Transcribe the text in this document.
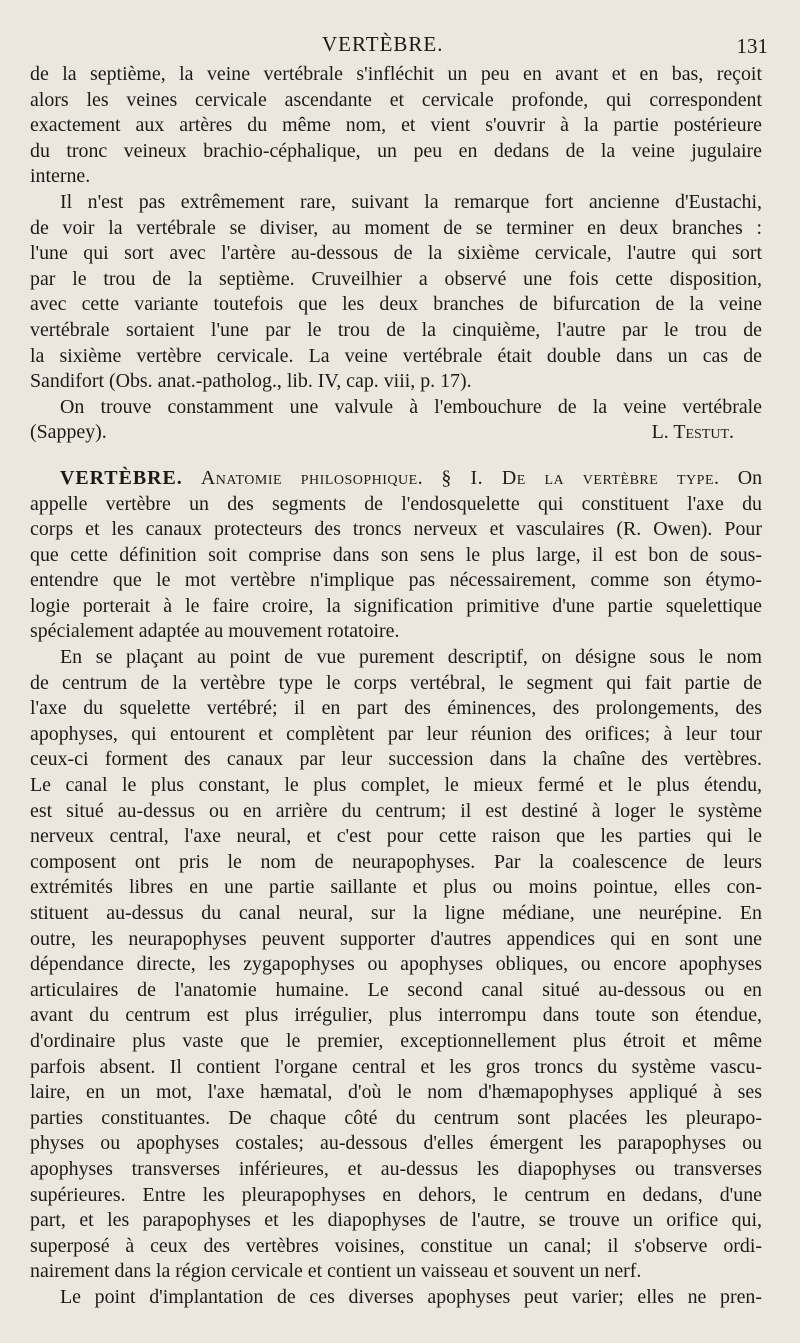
VERTÈBRE.	131
de la septième, la veine vertébrale s'infléchit un peu en avant et en bas, reçoit
alors les veines cervicale ascendante et cervicale profonde, qui correspondent
exactement aux artères du même nom, et vient s'ouvrir à la partie postérieure
du tronc veineux brachio-céphalique, un peu en dedans de la veine jugulaire
interne.
Il n'est pas extrêmement rare, suivant la remarque fort ancienne d'Eustachi,
de voir la vertébrale se diviser, au moment de se terminer en deux branches :
l'une qui sort avec l'artère au-dessous de la sixième cervicale, l'autre qui sort
par le trou de la septième. Cruveilhier a observé une fois cette disposition,
avec cette variante toutefois que les deux branches de bifurcation de la veine
vertébrale sortaient l'une par le trou de la cinquième, l'autre par le trou de
la sixième vertèbre cervicale. La veine vertébrale était double dans un cas de
Sandifort (Obs. anat.-patholog., lib. IV, cap. viii, p. 17).
On trouve constamment une valvule à l'embouchure de la veine vertébrale
(Sappey).	L. Testut.
VERTÈBRE. Anatomie philosophique. § I. De la vertèbre type. On
appelle vertèbre un des segments de l'endosquelette qui constituent l'axe du
corps et les canaux protecteurs des troncs nerveux et vasculaires (R. Owen). Pour
que cette définition soit comprise dans son sens le plus large, il est bon de sous-
entendre que le mot vertèbre n'implique pas nécessairement, comme son étymo-
logie porterait à le faire croire, la signification primitive d'une partie squelettique
spécialement adaptée au mouvement rotatoire.
En se plaçant au point de vue purement descriptif, on désigne sous le nom
de centrum de la vertèbre type le corps vertébral, le segment qui fait partie de
l'axe du squelette vertébré; il en part des éminences, des prolongements, des
apophyses, qui entourent et complètent par leur réunion des orifices; à leur tour
ceux-ci forment des canaux par leur succession dans la chaîne des vertèbres.
Le canal le plus constant, le plus complet, le mieux fermé et le plus étendu,
est situé au-dessus ou en arrière du centrum; il est destiné à loger le système
nerveux central, l'axe neural, et c'est pour cette raison que les parties qui le
composent ont pris le nom de neurapophyses. Par la coalescence de leurs
extrémités libres en une partie saillante et plus ou moins pointue, elles con-
stituent au-dessus du canal neural, sur la ligne médiane, une neurépine. En
outre, les neurapophyses peuvent supporter d'autres appendices qui en sont une
dépendance directe, les zygapophyses ou apophyses obliques, ou encore apophyses
articulaires de l'anatomie humaine. Le second canal situé au-dessous ou en
avant du centrum est plus irrégulier, plus interrompu dans toute son étendue,
d'ordinaire plus vaste que le premier, exceptionnellement plus étroit et même
parfois absent. Il contient l'organe central et les gros troncs du système vascu-
laire, en un mot, l'axe hæmatal, d'où le nom d'hæmapophyses appliqué à ses
parties constituantes. De chaque côté du centrum sont placées les pleurapo-
physes ou apophyses costales; au-dessous d'elles émergent les parapophyses ou
apophyses transverses inférieures, et au-dessus les diapophyses ou transverses
supérieures. Entre les pleurapophyses en dehors, le centrum en dedans, d'une
part, et les parapophyses et les diapophyses de l'autre, se trouve un orifice qui,
superposé à ceux des vertèbres voisines, constitue un canal; il s'observe ordi-
nairement dans la région cervicale et contient un vaisseau et souvent un nerf.
Le point d'implantation de ces diverses apophyses peut varier; elles ne pren-
